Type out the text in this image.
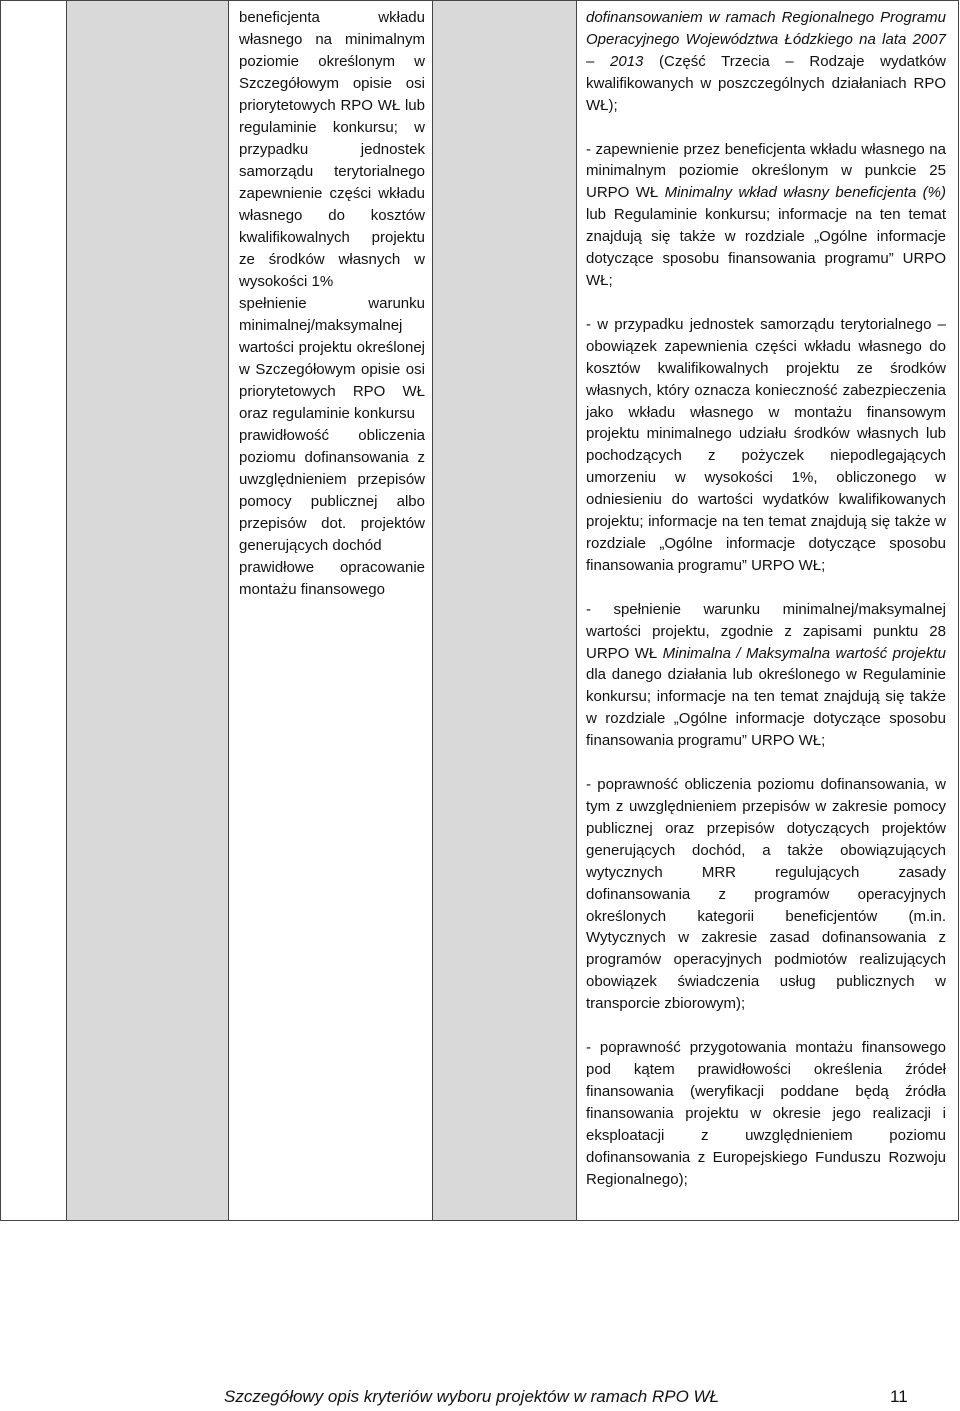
beneficjenta wkładu własnego na minimalnym poziomie określonym w Szczegółowym opisie osi priorytetowych RPO WŁ lub regulaminie konkursu; w przypadku jednostek samorządu terytorialnego zapewnienie części wkładu własnego do kosztów kwalifikowalnych projektu ze środków własnych w wysokości 1%
spełnienie warunku minimalnej/maksymalnej wartości projektu określonej w Szczegółowym opisie osi priorytetowych RPO WŁ oraz regulaminie konkursu
prawidłowość obliczenia poziomu dofinansowania z uwzględnieniem przepisów pomocy publicznej albo przepisów dot. projektów generujących dochód
prawidłowe opracowanie montażu finansowego

dofinansowaniem w ramach Regionalnego Programu Operacyjnego Województwa Łódzkiego na lata 2007 – 2013 (Część Trzecia – Rodzaje wydatków kwalifikowanych w poszczególnych działaniach RPO WŁ);

- zapewnienie przez beneficjenta wkładu własnego na minimalnym poziomie określonym w punkcie 25 URPO WŁ Minimalny wkład własny beneficjenta (%) lub Regulaminie konkursu; informacje na ten temat znajdują się także w rozdziale „Ogólne informacje dotyczące sposobu finansowania programu” URPO WŁ;

- w przypadku jednostek samorządu terytorialnego – obowiązek zapewnienia części wkładu własnego do kosztów kwalifikowalnych projektu ze środków własnych, który oznacza konieczność zabezpieczenia jako wkładu własnego w montażu finansowym projektu minimalnego udziału środków własnych lub pochodzących z pożyczek niepodlegających umorzeniu w wysokości 1%, obliczonego w odniesieniu do wartości wydatków kwalifikowanych projektu; informacje na ten temat znajdują się także w rozdziale „Ogólne informacje dotyczące sposobu finansowania programu” URPO WŁ;

- spełnienie warunku minimalnej/maksymalnej wartości projektu, zgodnie z zapisami punktu 28 URPO WŁ Minimalna / Maksymalna wartość projektu dla danego działania lub określonego w Regulaminie konkursu; informacje na ten temat znajdują się także w rozdziale „Ogólne informacje dotyczące sposobu finansowania programu” URPO WŁ;

- poprawność obliczenia poziomu dofinansowania, w tym z uwzględnieniem przepisów w zakresie pomocy publicznej oraz przepisów dotyczących projektów generujących dochód, a także obowiązujących wytycznych MRR regulujących zasady dofinansowania z programów operacyjnych określonych kategorii beneficjentów (m.in. Wytycznych w zakresie zasad dofinansowania z programów operacyjnych podmiotów realizujących obowiązek świadczenia usług publicznych w transporcie zbiorowym);

- poprawność przygotowania montażu finansowego pod kątem prawidłowości określenia źródeł finansowania (weryfikacji poddane będą źródła finansowania projektu w okresie jego realizacji i eksploatacji z uwzględnieniem poziomu dofinansowania z Europejskiego Funduszu Rozwoju Regionalnego);

Szczegółowy opis kryteriów wyboru projektów w ramach RPO WŁ	11
